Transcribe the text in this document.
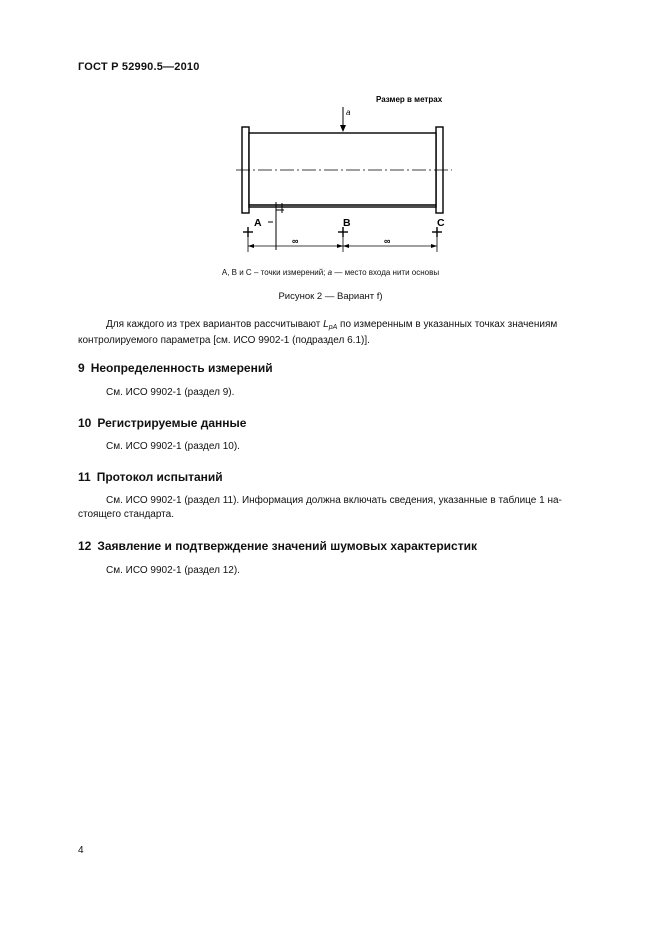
ГОСТ Р 52990.5—2010
Размер в метрах
a
A	B	C
∞	∞
A, B и C – точки измерений; a — место входа нити основы
Рисунок 2 — Вариант f)
Для каждого из трех вариантов рассчитывают $L_{pA}$ по измеренным в указанных точках значениям
контролируемого параметра [см. ИСО 9902-1 (подраздел 6.1)].
9 Неопределенность измерений
См. ИСО 9902-1 (раздел 9).
10 Регистрируемые данные
См. ИСО 9902-1 (раздел 10).
11 Протокол испытаний
См. ИСО 9902-1 (раздел 11). Информация должна включать сведения, указанные в таблице 1 на-
стоящего стандарта.
12 Заявление и подтверждение значений шумовых характеристик
См. ИСО 9902-1 (раздел 12).
4
